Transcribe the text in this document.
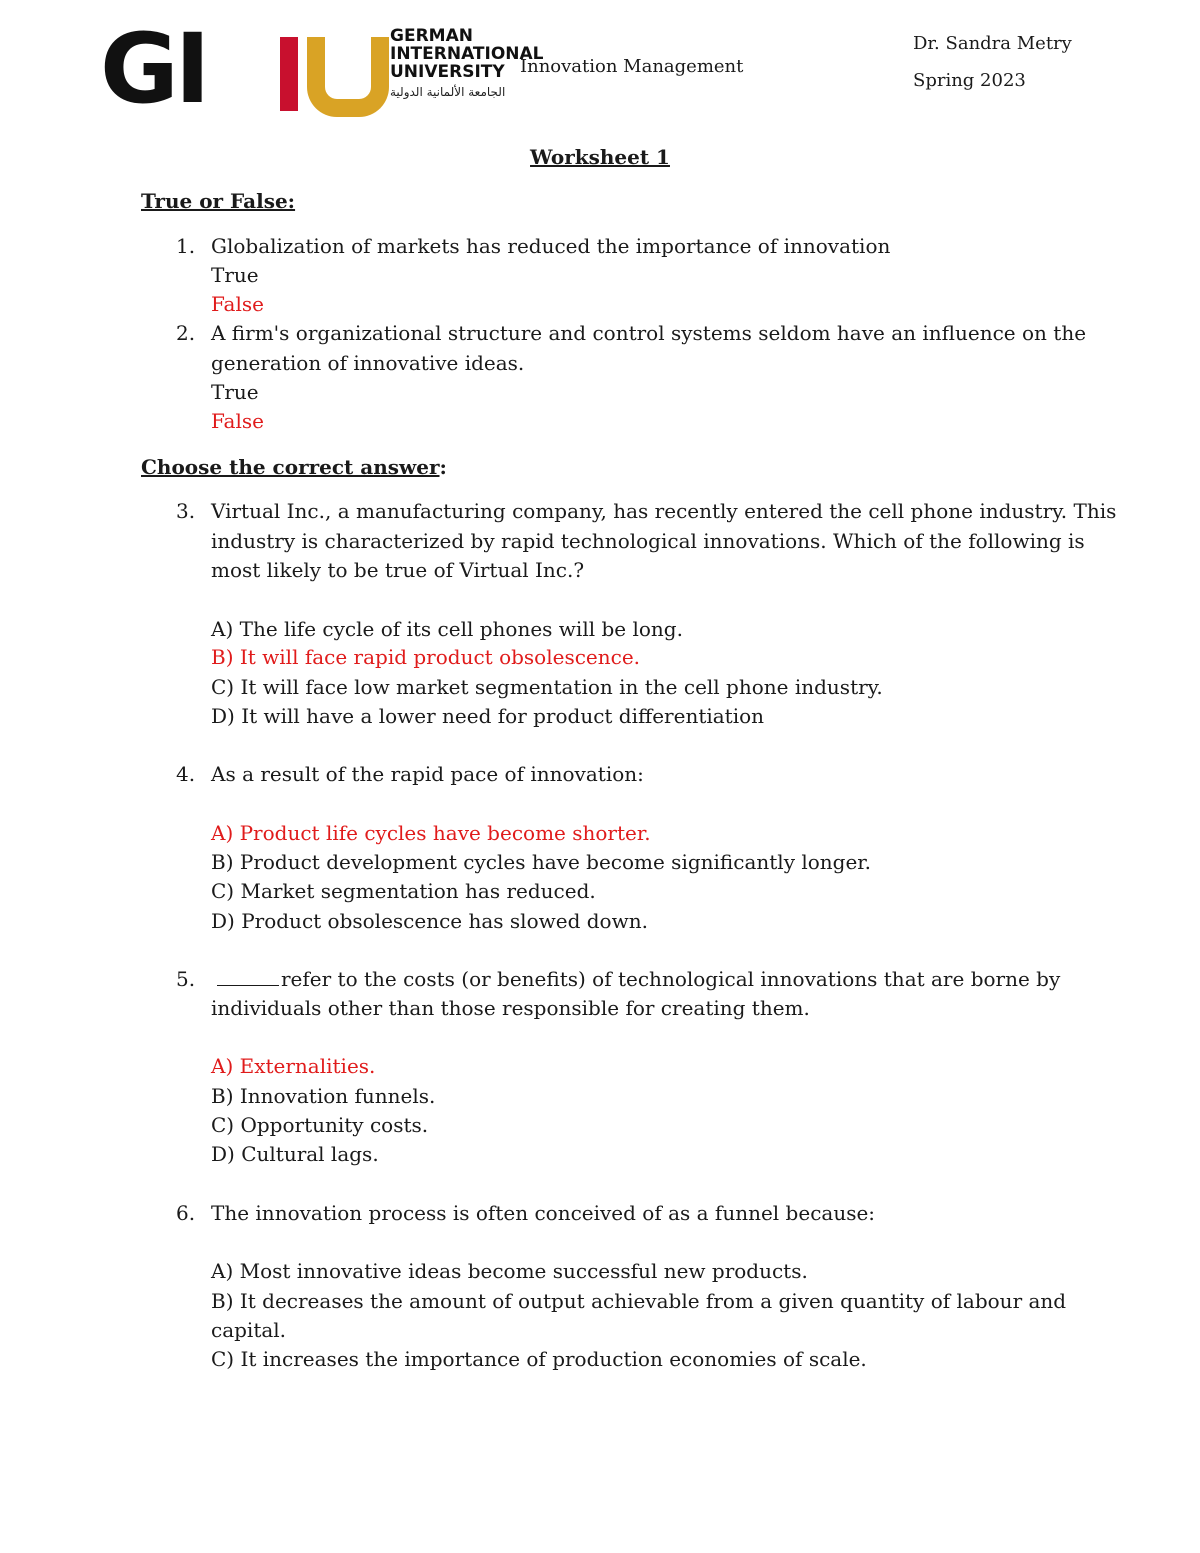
GI	GERMAN
INTERNATIONAL
UNIVERSITY
الجامعة الألمانية الدولية
Innovation Management
Dr. Sandra Metry
Spring 2023
Worksheet 1
True or False:
1. Globalization of markets has reduced the importance of innovation
True
False
2. A firm's organizational structure and control systems seldom have an influence on the
generation of innovative ideas.
True
False
Choose the correct answer:
3. Virtual Inc., a manufacturing company, has recently entered the cell phone industry. This
industry is characterized by rapid technological innovations. Which of the following is
most likely to be true of Virtual Inc.?
A) The life cycle of its cell phones will be long.
B) It will face rapid product obsolescence.
C) It will face low market segmentation in the cell phone industry.
D) It will have a lower need for product differentiation
4. As a result of the rapid pace of innovation:
A) Product life cycles have become shorter.
B) Product development cycles have become significantly longer.
C) Market segmentation has reduced.
D) Product obsolescence has slowed down.
5.	refer to the costs (or benefits) of technological innovations that are borne by
individuals other than those responsible for creating them.
A) Externalities.
B) Innovation funnels.
C) Opportunity costs.
D) Cultural lags.
6. The innovation process is often conceived of as a funnel because:
A) Most innovative ideas become successful new products.
B) It decreases the amount of output achievable from a given quantity of labour and
capital.
C) It increases the importance of production economies of scale.
